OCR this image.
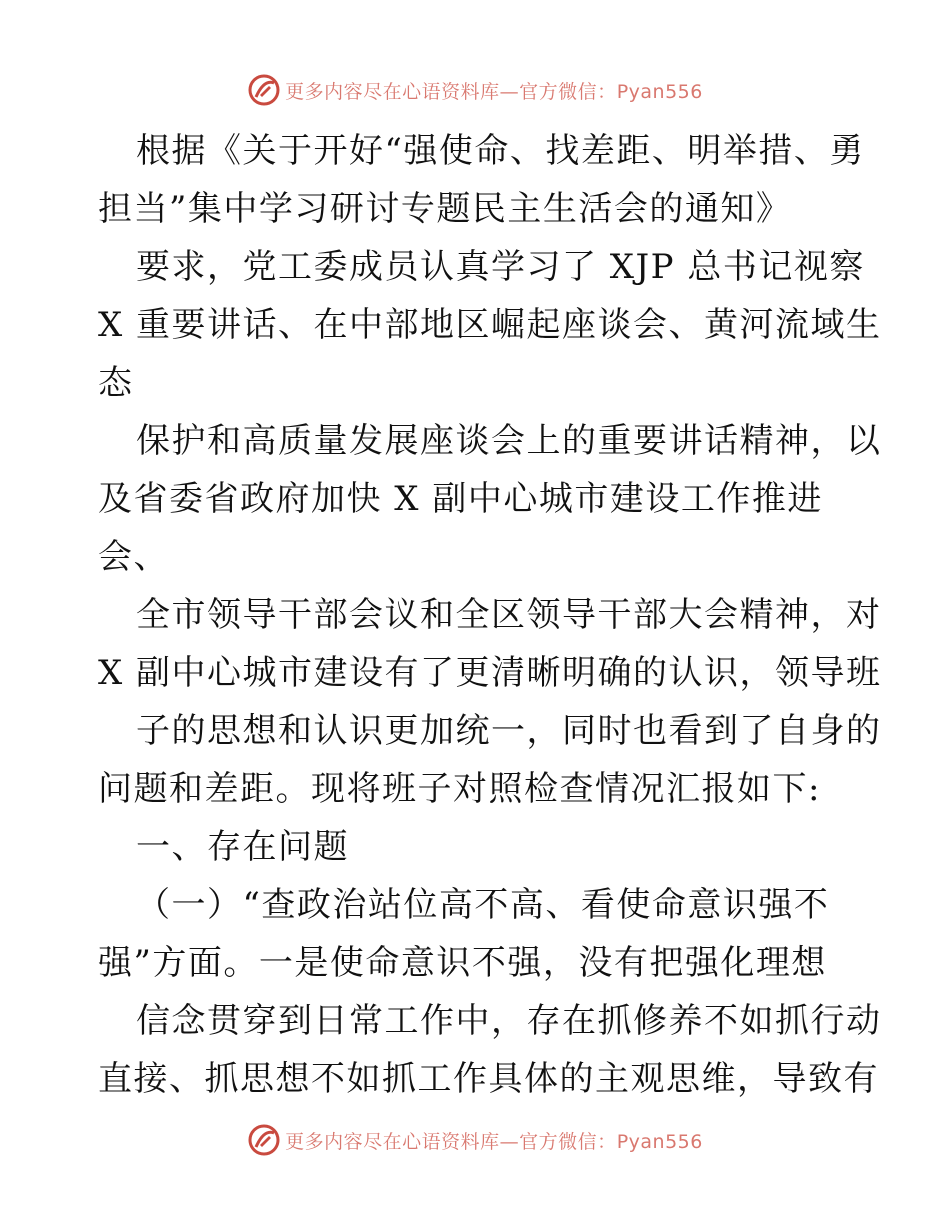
更多内容尽在心语资料库—官方微信：Pyan556

根据《关于开好“强使命、找差距、明举措、勇

担当”集中学习研讨专题民主生活会的通知》

要求，党工委成员认真学习了 XJP 总书记视察

X 重要讲话、在中部地区崛起座谈会、黄河流域生

态

保护和高质量发展座谈会上的重要讲话精神，以

及省委省政府加快 X 副中心城市建设工作推进

会、

全市领导干部会议和全区领导干部大会精神，对

X 副中心城市建设有了更清晰明确的认识，领导班

子的思想和认识更加统一，同时也看到了自身的

问题和差距。现将班子对照检查情况汇报如下:

一、存在问题

（一）“查政治站位高不高、看使命意识强不

强”方面。一是使命意识不强，没有把强化理想

信念贯穿到日常工作中，存在抓修养不如抓行动

直接、抓思想不如抓工作具体的主观思维，导致有

更多内容尽在心语资料库—官方微信：Pyan556
